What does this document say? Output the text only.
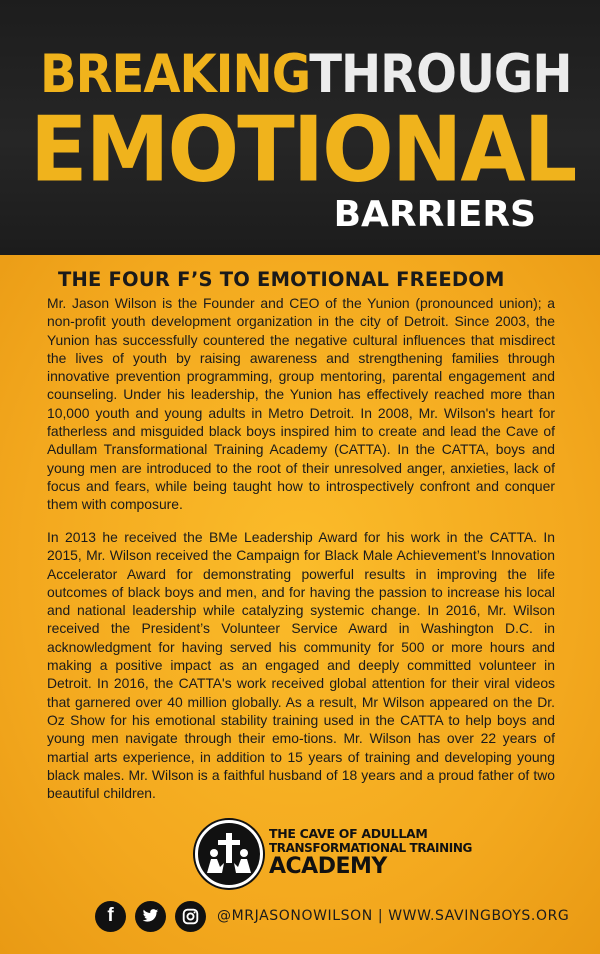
BREAKINGTHROUGH
EMOTIONAL
BARRIERS
THE FOUR F’S TO EMOTIONAL FREEDOM
Mr. Jason Wilson is the Founder and CEO of the Yunion (pronounced union); a non-profit youth development organization in the city of Detroit. Since 2003, the Yunion has successfully countered the negative cultural influences that misdirect the lives of youth by raising awareness and strengthening families through innovative prevention programming, group mentoring, parental engagement and counseling. Under his leadership, the Yunion has effectively reached more than 10,000 youth and young adults in Metro Detroit. In 2008, Mr. Wilson's heart for fatherless and misguided black boys inspired him to create and lead the Cave of Adullam Transformational Training Academy (CATTA). In the CATTA, boys and young men are introduced to the root of their unresolved anger, anxieties, lack of focus and fears, while being taught how to introspectively confront and conquer them with composure.
In 2013 he received the BMe Leadership Award for his work in the CATTA. In 2015, Mr. Wilson received the Campaign for Black Male Achievement’s Innovation Accelerator Award for demonstrating powerful results in improving the life outcomes of black boys and men, and for having the passion to increase his local and national leadership while catalyzing systemic change. In 2016, Mr. Wilson received the President’s Volunteer Service Award in Washington D.C. in acknowledgment for having served his community for 500 or more hours and making a positive impact as an engaged and deeply committed volunteer in Detroit. In 2016, the CATTA's work received global attention for their viral videos that garnered over 40 million globally. As a result, Mr Wilson appeared on the Dr. Oz Show for his emotional stability training used in the CATTA to help boys and young men navigate through their emo-tions. Mr. Wilson has over 22 years of martial arts experience, in addition to 15 years of training and developing young black males. Mr. Wilson is a faithful husband of 18 years and a proud father of two beautiful children.
THE CAVE OF ADULLAM
TRANSFORMATIONAL TRAINING
ACADEMY
f	@MRJASONOWILSON | WWW.SAVINGBOYS.ORG
